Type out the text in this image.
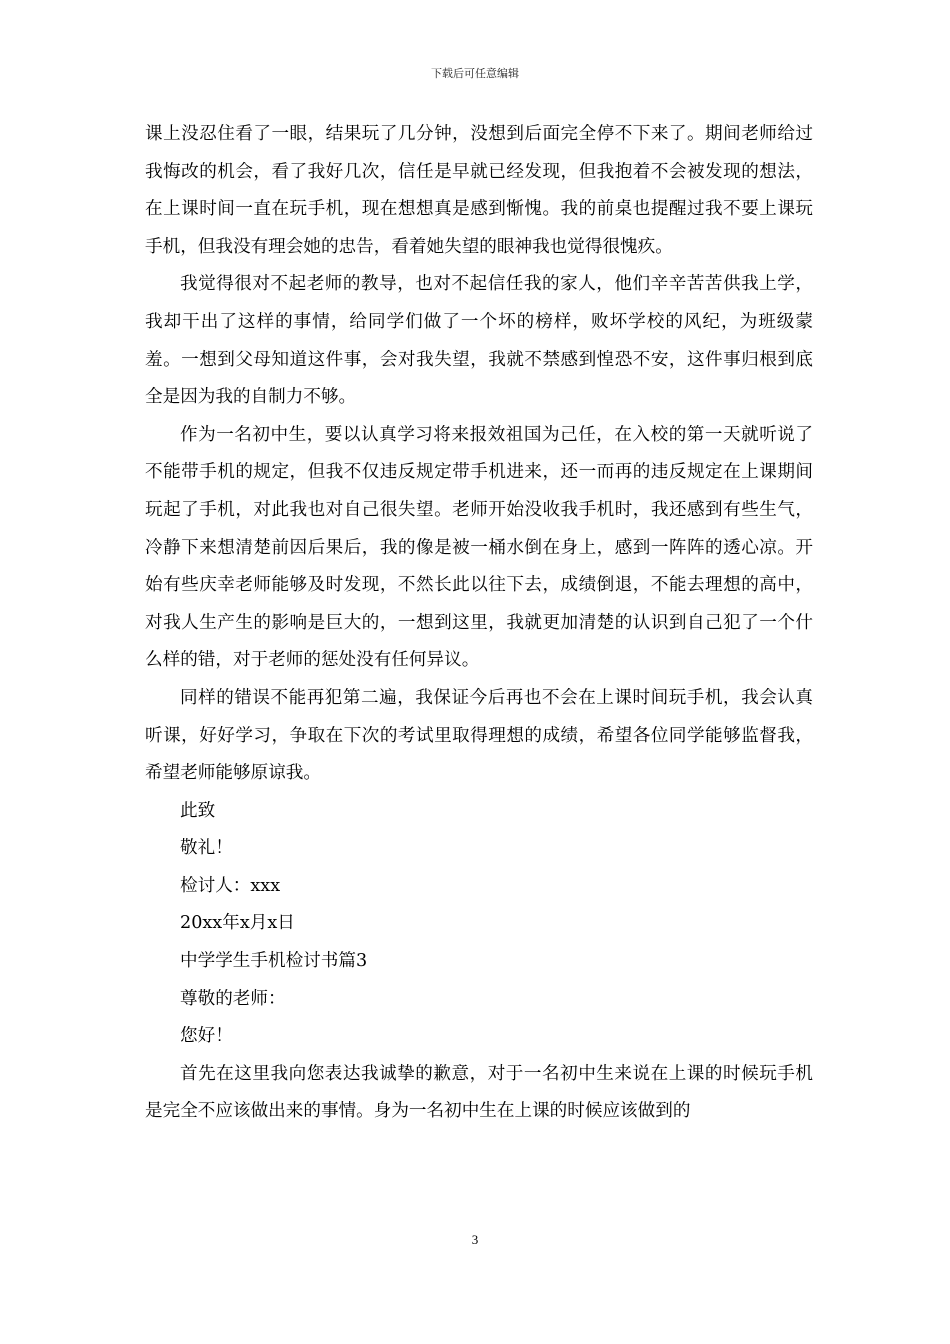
下载后可任意编辑

课上没忍住看了一眼，结果玩了几分钟，没想到后面完全停不下来了。期间老师给过我悔改的机会，看了我好几次，信任是早就已经发现，但我抱着不会被发现的想法，在上课时间一直在玩手机，现在想想真是感到惭愧。我的前桌也提醒过我不要上课玩手机，但我没有理会她的忠告，看着她失望的眼神我也觉得很愧疚。

我觉得很对不起老师的教导，也对不起信任我的家人，他们辛辛苦苦供我上学，我却干出了这样的事情，给同学们做了一个坏的榜样，败坏学校的风纪，为班级蒙羞。一想到父母知道这件事，会对我失望，我就不禁感到惶恐不安，这件事归根到底全是因为我的自制力不够。

作为一名初中生，要以认真学习将来报效祖国为己任，在入校的第一天就听说了不能带手机的规定，但我不仅违反规定带手机进来，还一而再的违反规定在上课期间玩起了手机，对此我也对自己很失望。老师开始没收我手机时，我还感到有些生气，冷静下来想清楚前因后果后，我的像是被一桶水倒在身上，感到一阵阵的透心凉。开始有些庆幸老师能够及时发现，不然长此以往下去，成绩倒退，不能去理想的高中，对我人生产生的影响是巨大的，一想到这里，我就更加清楚的认识到自己犯了一个什么样的错，对于老师的惩处没有任何异议。

同样的错误不能再犯第二遍，我保证今后再也不会在上课时间玩手机，我会认真听课，好好学习，争取在下次的考试里取得理想的成绩，希望各位同学能够监督我，希望老师能够原谅我。

此致

敬礼！

检讨人：xxx

20xx年x月x日

中学学生手机检讨书篇3

尊敬的老师：

您好！

首先在这里我向您表达我诚挚的歉意，对于一名初中生来说在上课的时候玩手机是完全不应该做出来的事情。身为一名初中生在上课的时候应该做到的

3
